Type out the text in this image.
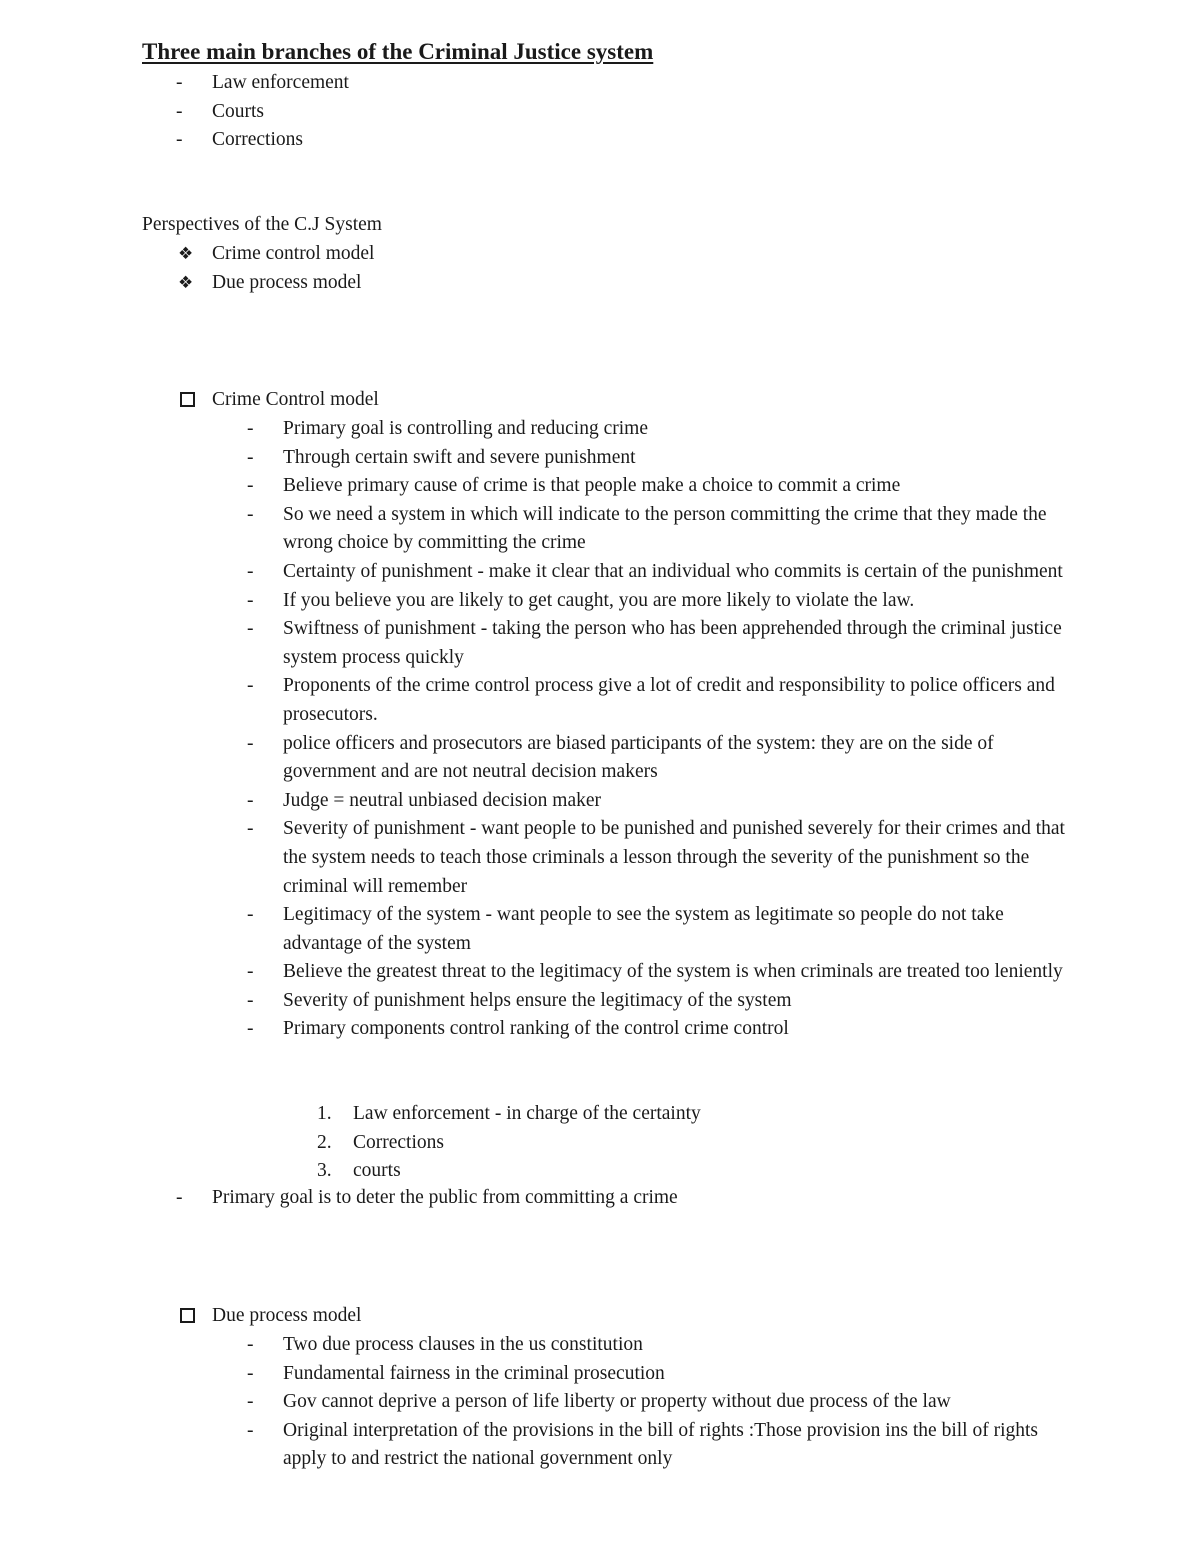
Three main branches of the Criminal Justice system
-	Law enforcement
-	Courts
-	Corrections
Perspectives of the C.J System
❖ Crime control model
❖ Due process model
Crime Control model
-	Primary goal is controlling and reducing crime
-	Through certain swift and severe punishment
-	Believe primary cause of crime is that people make a choice to commit a crime
-	So we need a system in which will indicate to the person committing the crime that they made the wrong choice by committing the crime
-	Certainty of punishment - make it clear that an individual who commits is certain of the punishment
-	If you believe you are likely to get caught, you are more likely to violate the law.
-	Swiftness of punishment - taking the person who has been apprehended through the criminal justice system process quickly
-	Proponents of the crime control process give a lot of credit and responsibility to police officers and prosecutors.
-	police officers and prosecutors are biased participants of the system: they are on the side of government and are not neutral decision makers
-	Judge = neutral unbiased decision maker
-	Severity of punishment - want people to be punished and punished severely for their crimes and that the system needs to teach those criminals a lesson through the severity of the punishment so the criminal will remember
-	Legitimacy of the system - want people to see the system as legitimate so people do not take advantage of the system
-	Believe the greatest threat to the legitimacy of the system is when criminals are treated too leniently
-	Severity of punishment helps ensure the legitimacy of the system
-	Primary components control ranking of the control crime control
1.	Law enforcement - in charge of the certainty
2.	Corrections
3.	courts
-	Primary goal is to deter the public from committing a crime
Due process model
-	Two due process clauses in the us constitution
-	Fundamental fairness in the criminal prosecution
-	Gov cannot deprive a person of life liberty or property without due process of the law
-	Original interpretation of the provisions in the bill of rights :Those provision ins the bill of rights apply to and restrict the national government only
